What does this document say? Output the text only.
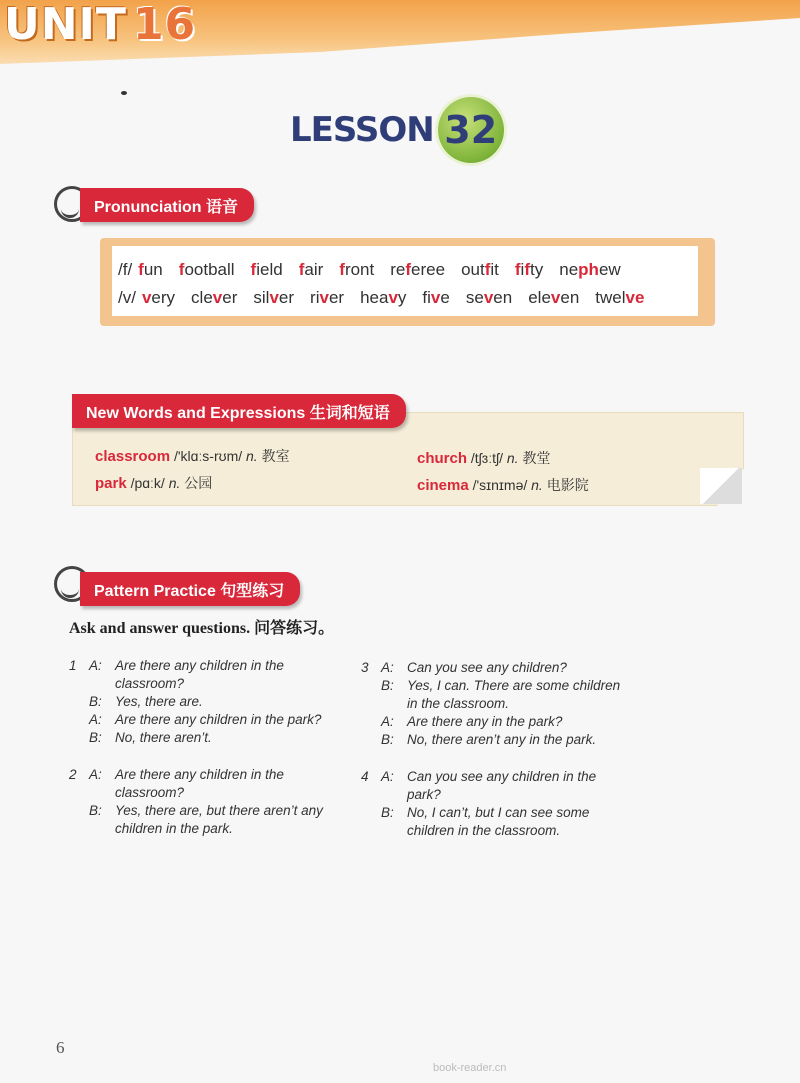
UNIT 16
LESSON 32
Pronunciation 语音
/f/ fun football field fair front referee outfit fifty nephew
/v/ very clever silver river heavy five seven eleven twelve
New Words and Expressions 生词和短语
classroom /'klɑːs-rʊm/ n. 教室	church /tʃɜːtʃ/ n. 教堂
park /pɑːk/ n. 公园	cinema /'sɪnɪmə/ n. 电影院
Pattern Practice 句型练习
Ask and answer questions. 问答练习。
1 A: Are there any children in the classroom?
B: Yes, there are.
A: Are there any children in the park?
B: No, there aren’t.
2 A: Are there any children in the classroom?
B: Yes, there are, but there aren’t any children in the park.
3 A: Can you see any children?
B: Yes, I can. There are some children in the classroom.
A: Are there any in the park?
B: No, there aren’t any in the park.
4 A: Can you see any children in the park?
B: No, I can’t, but I can see some children in the classroom.
6
book-reader.cn
